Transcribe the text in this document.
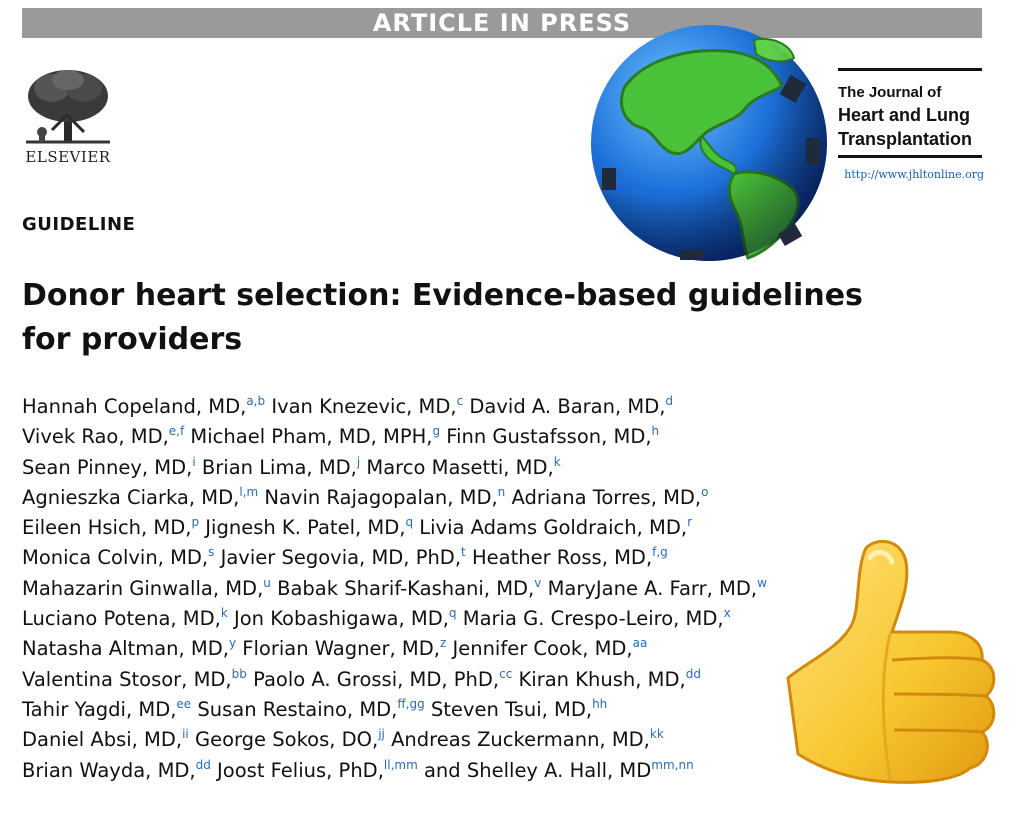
ARTICLE IN PRESS
ELSEVIER
The Journal of
Heart and Lung
Transplantation
http://www.jhltonline.org
GUIDELINE
Donor heart selection: Evidence-based guidelines for providers
Hannah Copeland, MD,$^{a,b}$ Ivan Knezevic, MD,$^c$ David A. Baran, MD,$^d$
Vivek Rao, MD,$^{e,f}$ Michael Pham, MD, MPH,$^g$ Finn Gustafsson, MD,$^h$
Sean Pinney, MD,$^i$ Brian Lima, MD,$^j$ Marco Masetti, MD,$^k$
Agnieszka Ciarka, MD,$^{l,m}$ Navin Rajagopalan, MD,$^n$ Adriana Torres, MD,$^o$
Eileen Hsich, MD,$^p$ Jignesh K. Patel, MD,$^q$ Livia Adams Goldraich, MD,$^r$
Monica Colvin, MD,$^s$ Javier Segovia, MD, PhD,$^t$ Heather Ross, MD,$^{f,g}$
Mahazarin Ginwalla, MD,$^u$ Babak Sharif-Kashani, MD,$^v$ MaryJane A. Farr, MD,$^w$
Luciano Potena, MD,$^k$ Jon Kobashigawa, MD,$^q$ Maria G. Crespo-Leiro, MD,$^x$
Natasha Altman, MD,$^y$ Florian Wagner, MD,$^z$ Jennifer Cook, MD,$^{aa}$
Valentina Stosor, MD,$^{bb}$ Paolo A. Grossi, MD, PhD,$^{cc}$ Kiran Khush, MD,$^{dd}$
Tahir Yagdi, MD,$^{ee}$ Susan Restaino, MD,$^{ff,gg}$ Steven Tsui, MD,$^{hh}$
Daniel Absi, MD,$^{ii}$ George Sokos, DO,$^{jj}$ Andreas Zuckermann, MD,$^{kk}$
Brian Wayda, MD,$^{dd}$ Joost Felius, PhD,$^{ll,mm}$ and Shelley A. Hall, $MD^{mm,nn}$
